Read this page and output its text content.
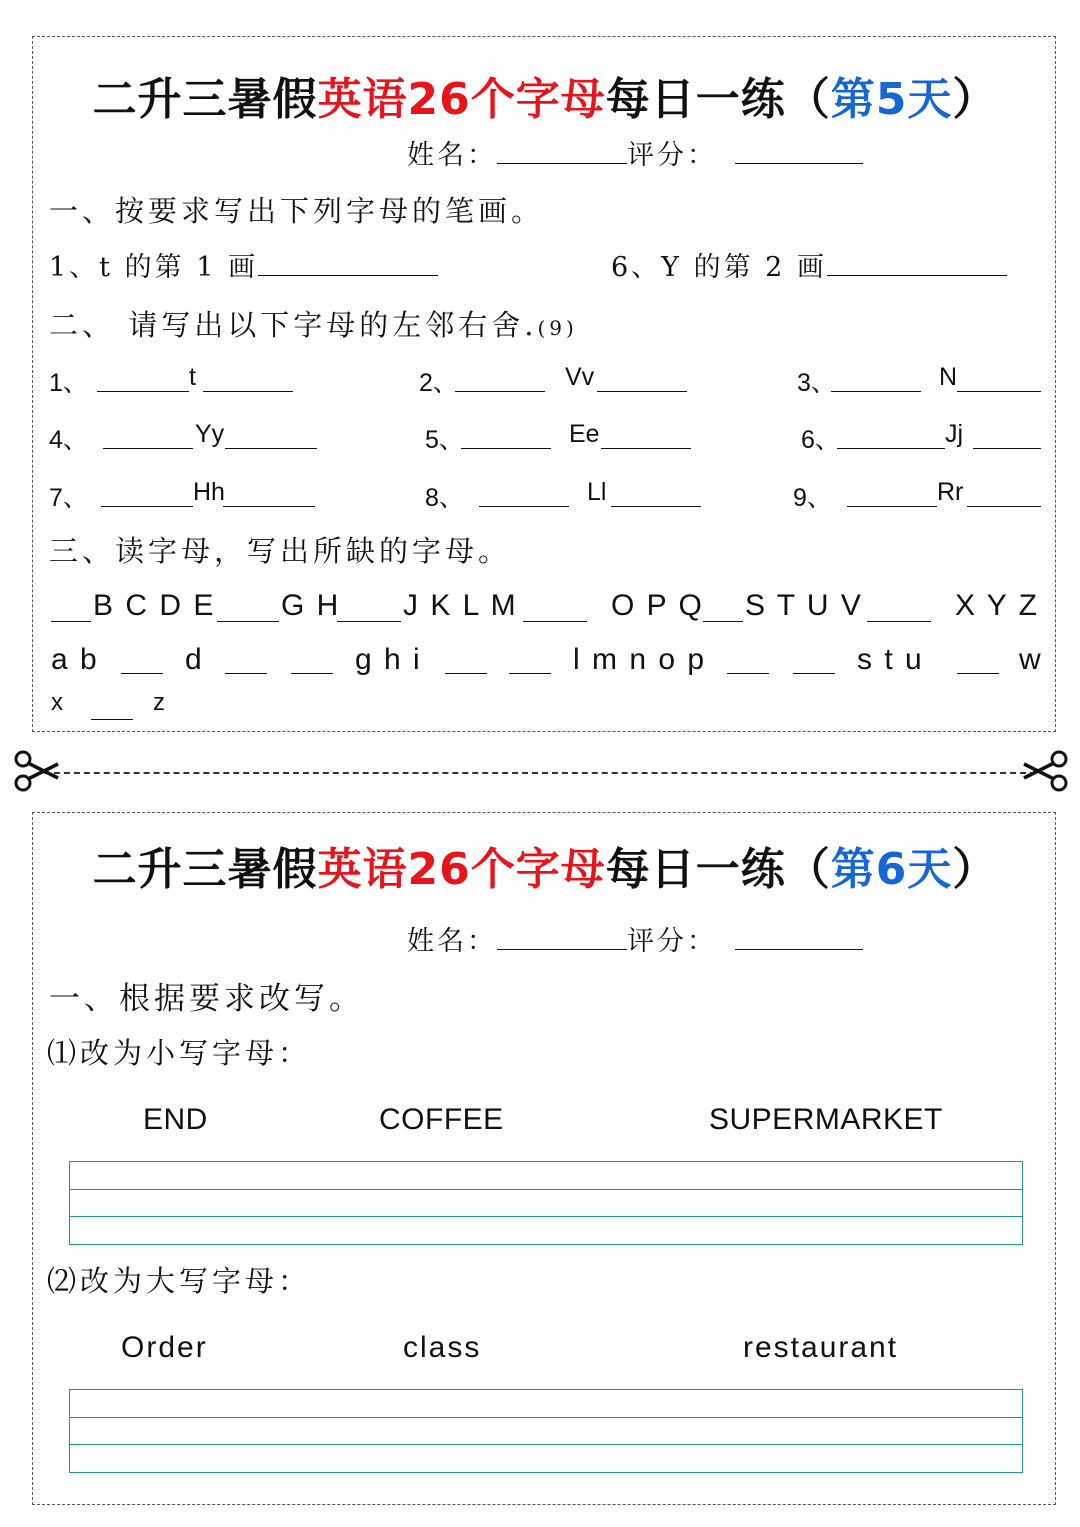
二升三暑假英语26个字母每日一练（第5天）
姓名：	评分：
一、按要求写出下列字母的笔画。
1、t 的第 1 画	6、Y 的第 2 画
二、 请写出以下字母的左邻右舍.(9)
1、	t	2、	Vv	3、	N
4、	Yy	5、	Ee	6、	Jj
7、	Hh	8、	Ll	9、	Rr
三、读字母，写出所缺的字母。
B C D E G H J K L M	O P Q S T U V	X Y Z
a b	d	g h i	l m n o p	s t u	w
x	z
二升三暑假英语26个字母每日一练（第6天）
姓名：	评分：
一、根据要求改写。
⑴改为小写字母：
END	COFFEE	SUPERMARKET
⑵改为大写字母：
Order	class	restaurant
